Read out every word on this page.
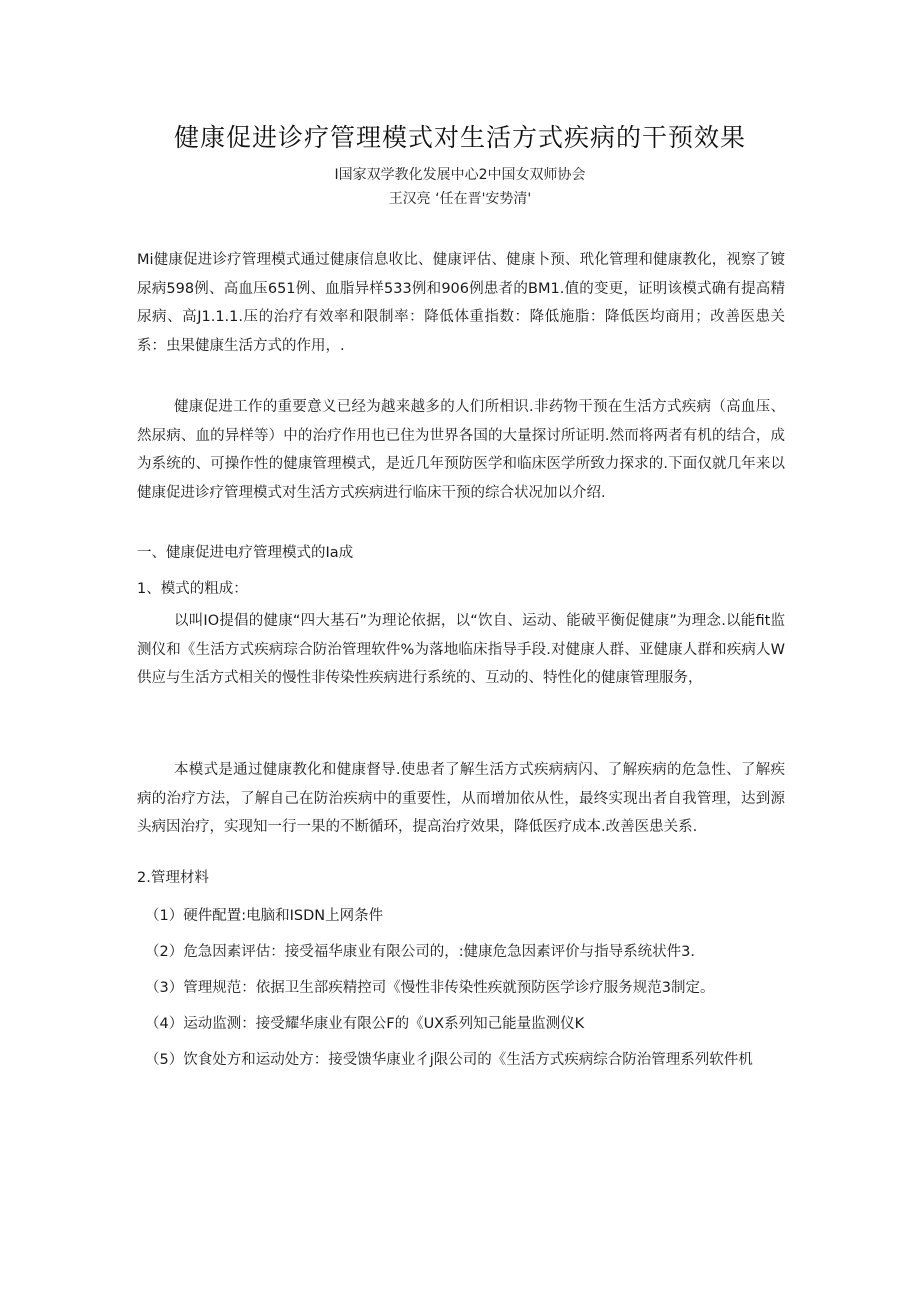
健康促进诊疗管理模式对生活方式疾病的干预效果
I国家双学教化发展中心2中国女双师协会
王汉亮 ‘任在晋'安势清'

Mi健康促进诊疗管理模式通过健康信息收比、健康评估、健康卜预、玳化管理和健康教化，视察了镀尿病598例、高血压651例、血脂异样533例和906例患者的BM1.值的变更，证明该模式确有提高精尿病、高J1.1.1.压的治疗有效率和限制率：降低体重指数：降低施脂：降低医均商用；改善医患关系：虫果健康生活方式的作用，.

健康促进工作的重要意义已经为越来越多的人们所相识.非药物干预在生活方式疾病（高血压、然尿病、血的异样等）中的治疗作用也已住为世界各国的大量探讨所证明.然而将两者有机的结合，成为系统的、可操作性的健康管理模式，是近几年预防医学和临床医学所致力探求的.下面仅就几年来以健康促进诊疗管理模式对生活方式疾病进行临床干预的综合状况加以介绍.

一、健康促进电疗管理模式的Ia成
1、模式的粗成：

以叫IO提倡的健康“四大基石”为理论依据，以“饮自、运动、能破平衡促健康”为理念.以能fit监测仪和《生活方式疾病琮合防治管理软件%为落地临床指导手段.对健康人群、亚健康人群和疾病人W供应与生活方式相关的慢性非传染性疾病进行系统的、互动的、特性化的健康管理服务，

本模式是通过健康教化和健康督导.使患者了解生活方式疾病病闪、了解疾病的危急性、了解疾病的治疗方法，了解自己在防治疾病中的重要性，从而增加依从性，最终实现出者自我管理，达到源头病因治疗，实现知一行一果的不断循环，提高治疗效果，降低医疗成本.改善医患关系.

2.管理材料
（1）硬件配置:电脑和ISDN上网条件
（2）危急因素评估：接受福华康业有限公司的，:健康危急因素评价与指导系统状件3.
（3）管理规范：依据卫生部疾精控司《慢性非传染性疾就预防医学诊疗服务规范3制定。
（4）运动监测：接受耀华康业有限公F的《UX系列知己能量监测仪K
（5）饮食处方和运动处方：接受馈华康业彳j限公司的《生活方式疾病综合防治管理系列软件机
